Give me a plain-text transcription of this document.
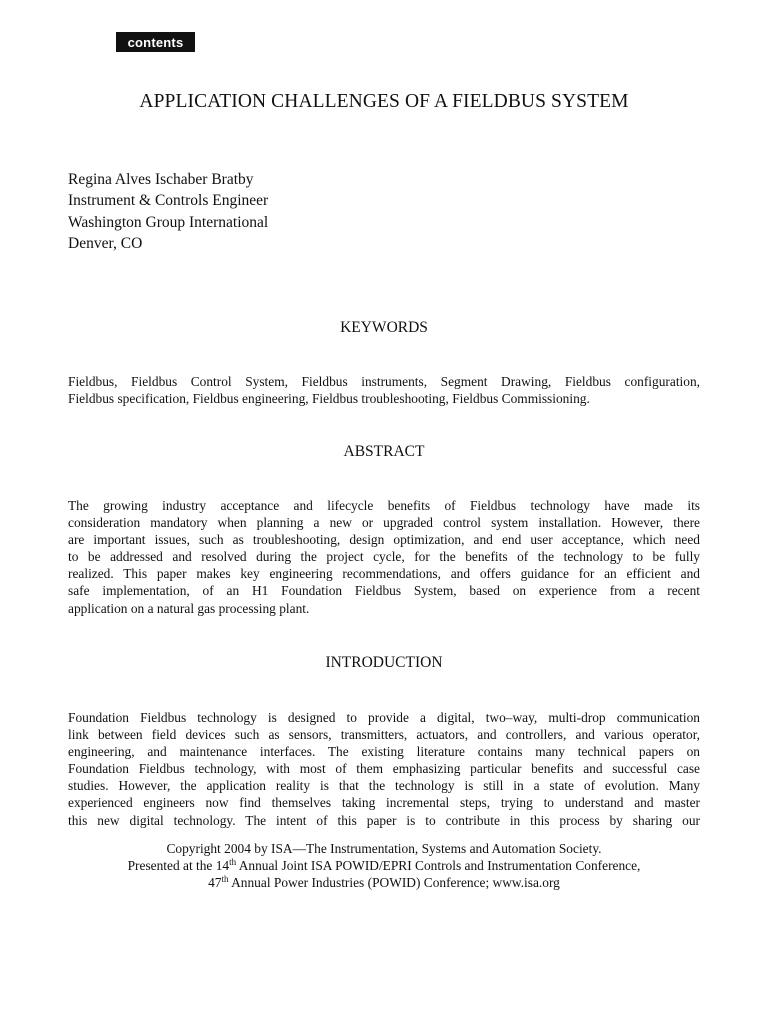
contents
APPLICATION CHALLENGES OF A FIELDBUS SYSTEM
Regina Alves Ischaber Bratby
Instrument & Controls Engineer
Washington Group International
Denver, CO
KEYWORDS

Fieldbus, Fieldbus Control System, Fieldbus instruments, Segment Drawing, Fieldbus configuration,
Fieldbus specification, Fieldbus engineering, Fieldbus troubleshooting, Fieldbus Commissioning.

ABSTRACT

The growing industry acceptance and lifecycle benefits of Fieldbus technology have made its
consideration mandatory when planning a new or upgraded control system installation. However, there
are important issues, such as troubleshooting, design optimization, and end user acceptance, which need
to be addressed and resolved during the project cycle, for the benefits of the technology to be fully
realized. This paper makes key engineering recommendations, and offers guidance for an efficient and
safe implementation, of an H1 Foundation Fieldbus System, based on experience from a recent
application on a natural gas processing plant.

INTRODUCTION

Foundation Fieldbus technology is designed to provide a digital, two–way, multi-drop communication
link between field devices such as sensors, transmitters, actuators, and controllers, and various operator,
engineering, and maintenance interfaces. The existing literature contains many technical papers on
Foundation Fieldbus technology, with most of them emphasizing particular benefits and successful case
studies. However, the application reality is that the technology is still in a state of evolution. Many
experienced engineers now find themselves taking incremental steps, trying to understand and master
this new digital technology. The intent of this paper is to contribute in this process by sharing our

Copyright 2004 by ISA—The Instrumentation, Systems and Automation Society.
Presented at the 14th Annual Joint ISA POWID/EPRI Controls and Instrumentation Conference,
47th Annual Power Industries (POWID) Conference; www.isa.org
